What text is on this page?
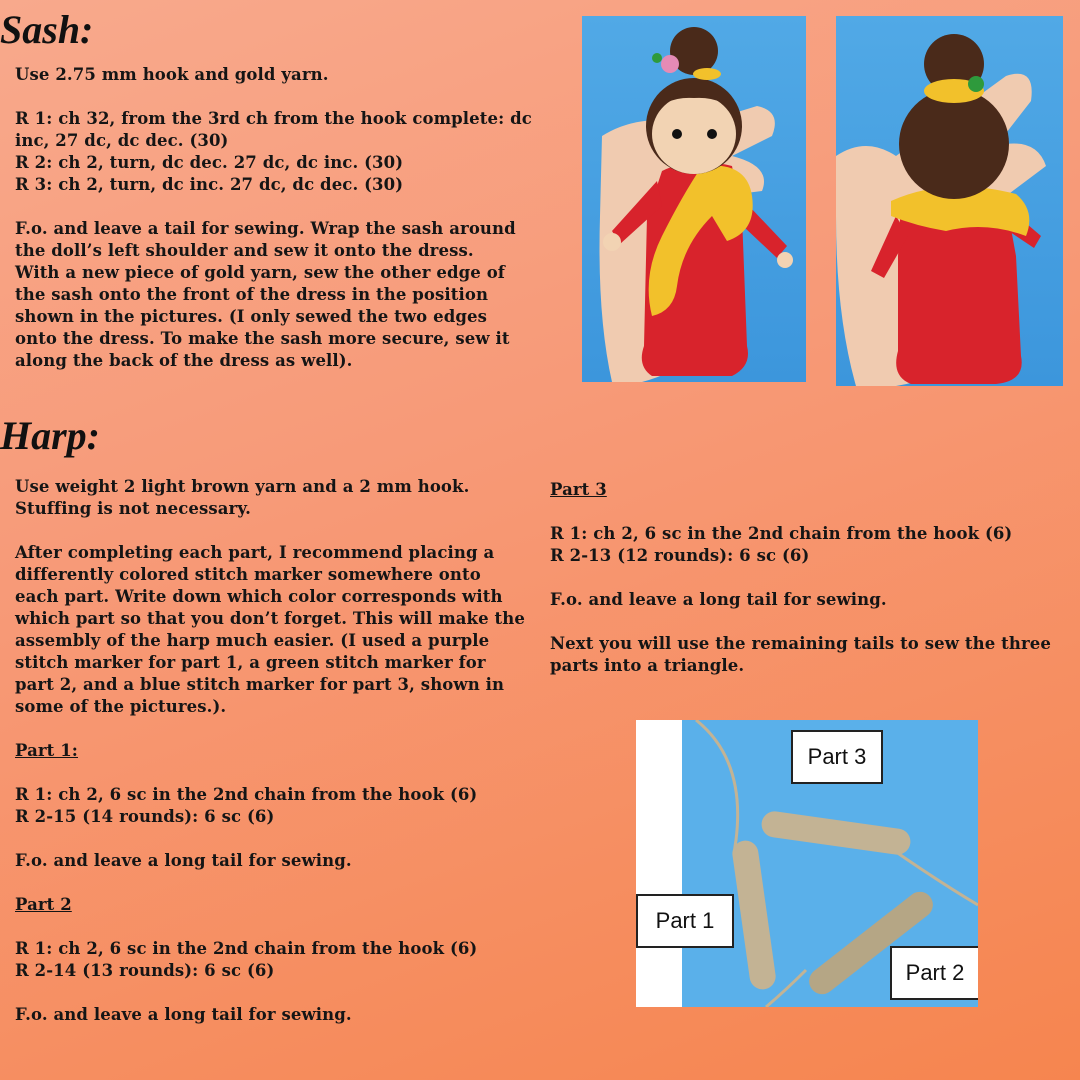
Sash:

Use 2.75 mm hook and gold yarn.

R 1: ch 32, from the 3rd ch from the hook complete: dc inc, 27 dc, dc dec. (30)

R 2: ch 2, turn, dc dec. 27 dc, dc inc. (30)

R 3: ch 2, turn, dc inc. 27 dc, dc dec. (30)

F.o. and leave a tail for sewing. Wrap the sash around the doll’s left shoulder and sew it onto the dress. With a new piece of gold yarn, sew the other edge of the sash onto the front of the dress in the position shown in the pictures. (I only sewed the two edges onto the dress. To make the sash more secure, sew it along the back of the dress as well).

Harp:

Use weight 2 light brown yarn and a 2 mm hook. Stuffing is not necessary.

After completing each part, I recommend placing a differently colored stitch marker somewhere onto each part. Write down which color corresponds with which part so that you don’t forget. This will make the assembly of the harp much easier. (I used a purple stitch marker for part 1, a green stitch marker for part 2, and a blue stitch marker for part 3, shown in some of the pictures.).

Part 1:

R 1: ch 2, 6 sc in the 2nd chain from the hook (6)

R 2-15 (14 rounds): 6 sc (6)

F.o. and leave a long tail for sewing.

Part 2

R 1: ch 2, 6 sc in the 2nd chain from the hook (6)

R 2-14 (13 rounds): 6 sc (6)

F.o. and leave a long tail for sewing.

Part 3

R 1: ch 2, 6 sc in the 2nd chain from the hook (6)

R 2-13 (12 rounds): 6 sc (6)

F.o. and leave a long tail for sewing.

Next you will use the remaining tails to sew the three parts into a triangle.

Part 3
Part 1
Part 2
